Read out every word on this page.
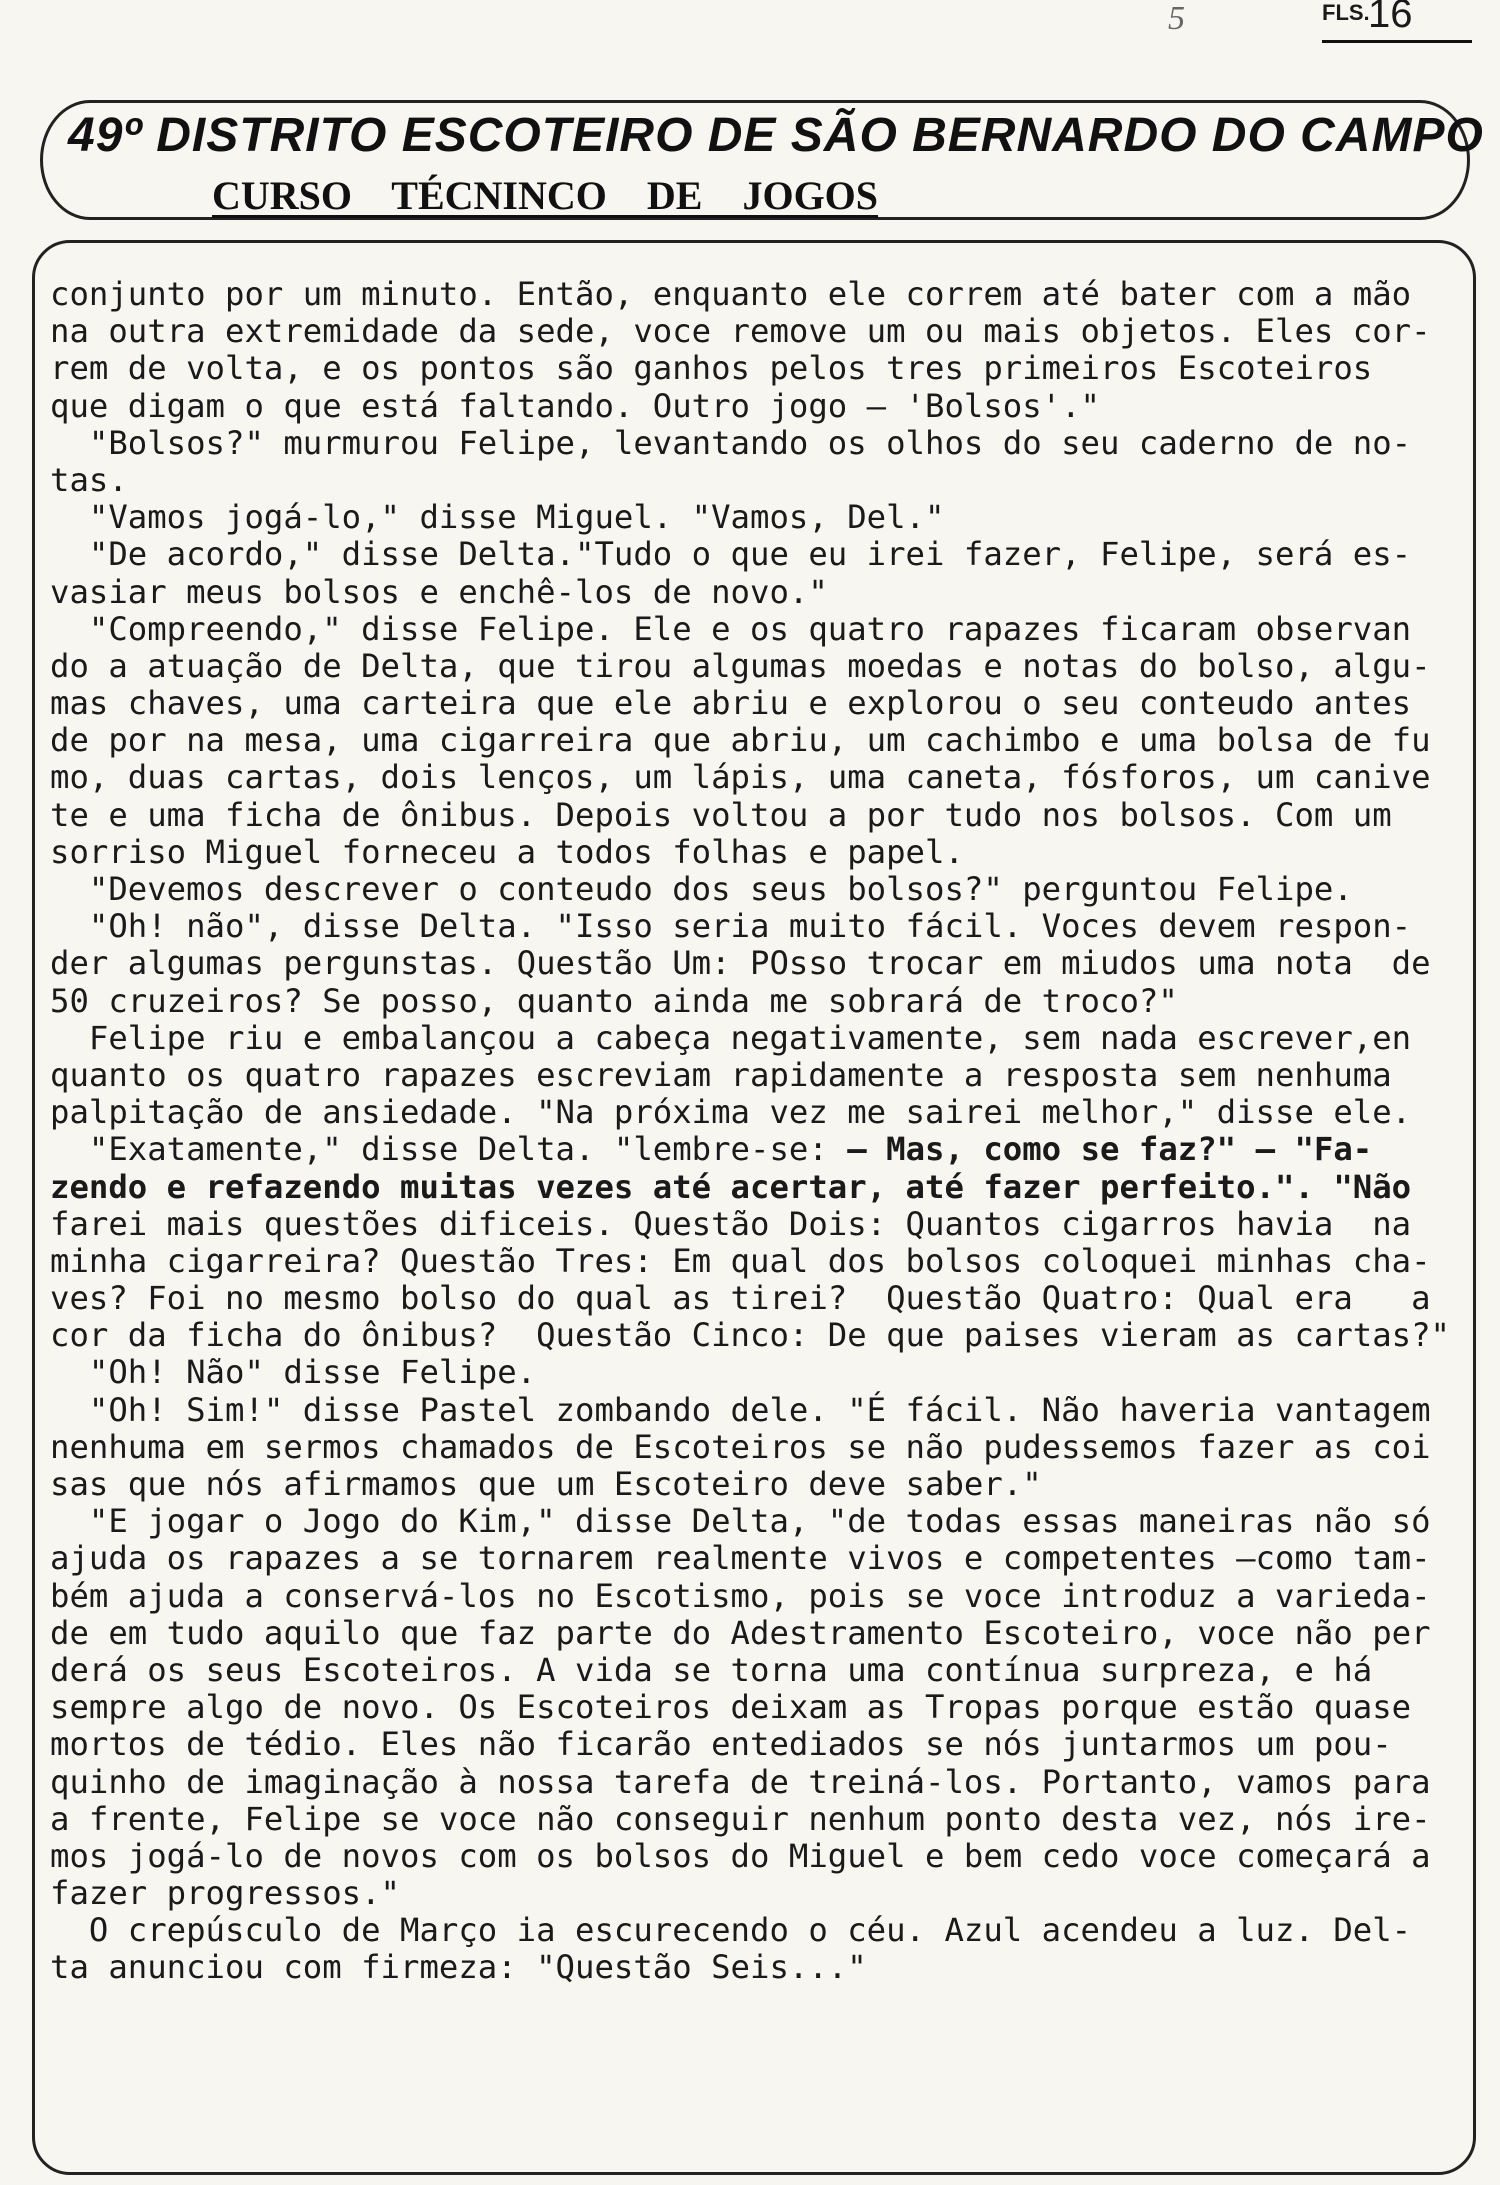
5	FLS.
16
49º DISTRITO ESCOTEIRO DE SÃO BERNARDO DO CAMPO
CURSO TÉCNINCO DE JOGOS
conjunto por um minuto. Então, enquanto ele correm até bater com a mão
na outra extremidade da sede, voce remove um ou mais objetos. Eles cor-
rem de volta, e os pontos são ganhos pelos tres primeiros Escoteiros
que digam o que está faltando. Outro jogo — 'Bolsos'."
"Bolsos?" murmurou Felipe, levantando os olhos do seu caderno de no-
tas.
"Vamos jogá-lo," disse Miguel. "Vamos, Del."
"De acordo," disse Delta."Tudo o que eu irei fazer, Felipe, será es-
vasiar meus bolsos e enchê-los de novo."
"Compreendo," disse Felipe. Ele e os quatro rapazes ficaram observan
do a atuação de Delta, que tirou algumas moedas e notas do bolso, algu-
mas chaves, uma carteira que ele abriu e explorou o seu conteudo antes
de por na mesa, uma cigarreira que abriu, um cachimbo e uma bolsa de fu
mo, duas cartas, dois lenços, um lápis, uma caneta, fósforos, um canive
te e uma ficha de ônibus. Depois voltou a por tudo nos bolsos. Com um
sorriso Miguel forneceu a todos folhas e papel.
"Devemos descrever o conteudo dos seus bolsos?" perguntou Felipe.
"Oh! não", disse Delta. "Isso seria muito fácil. Voces devem respon-
der algumas pergunstas. Questão Um: POsso trocar em miudos uma nota  de
50 cruzeiros? Se posso, quanto ainda me sobrará de troco?"
Felipe riu e embalançou a cabeça negativamente, sem nada escrever,en
quanto os quatro rapazes escreviam rapidamente a resposta sem nenhuma
palpitação de ansiedade. "Na próxima vez me sairei melhor," disse ele.
"Exatamente," disse Delta. "lembre-se: — Mas, como se faz?" — "Fa-
zendo e refazendo muitas vezes até acertar, até fazer perfeito.". "Não
farei mais questões dificeis. Questão Dois: Quantos cigarros havia  na
minha cigarreira? Questão Tres: Em qual dos bolsos coloquei minhas cha-
ves? Foi no mesmo bolso do qual as tirei?  Questão Quatro: Qual era   a
cor da ficha do ônibus?  Questão Cinco: De que paises vieram as cartas?"
"Oh! Não" disse Felipe.
"Oh! Sim!" disse Pastel zombando dele. "É fácil. Não haveria vantagem
nenhuma em sermos chamados de Escoteiros se não pudessemos fazer as coi
sas que nós afirmamos que um Escoteiro deve saber."
"E jogar o Jogo do Kim," disse Delta, "de todas essas maneiras não só
ajuda os rapazes a se tornarem realmente vivos e competentes —como tam-
bém ajuda a conservá-los no Escotismo, pois se voce introduz a varieda-
de em tudo aquilo que faz parte do Adestramento Escoteiro, voce não per
derá os seus Escoteiros. A vida se torna uma contínua surpreza, e há
sempre algo de novo. Os Escoteiros deixam as Tropas porque estão quase
mortos de tédio. Eles não ficarão entediados se nós juntarmos um pou-
quinho de imaginação à nossa tarefa de treiná-los. Portanto, vamos para
a frente, Felipe se voce não conseguir nenhum ponto desta vez, nós ire-
mos jogá-lo de novos com os bolsos do Miguel e bem cedo voce começará a
fazer progressos."
O crepúsculo de Março ia escurecendo o céu. Azul acendeu a luz. Del-
ta anunciou com firmeza: "Questão Seis..."
